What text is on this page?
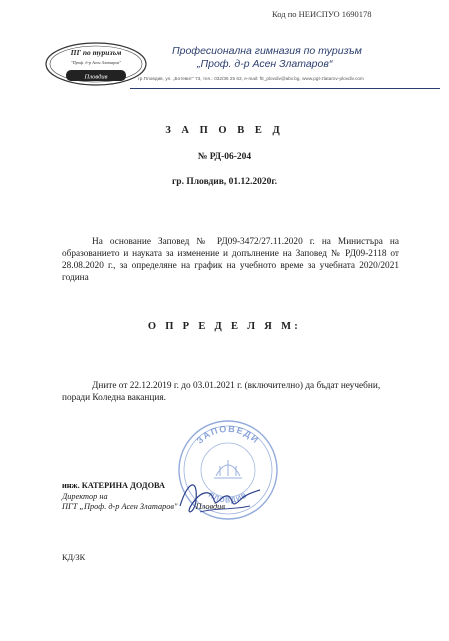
Код по НЕИСПУО 1690178
ПГ по туризъм
"Проф. д-р Асен Златаров"
Пловдив
Професионална гимназия по туризъм
„Проф. д-р Асен Златаров“
гр.Пловдив, ул. „Ботевит" 73, тел.: 032/36 25 63, e-mail: ftt_plovdiv@abv.bg, www.pgt-zlatarov-plovdiv.com
З А П О В Е Д
№ РД-06-204
гр. Пловдив, 01.12.2020г.
На основание Заповед № РД09-3472/27.11.2020 г. на Министъра на образованието и науката за изменение и допълнение на Заповед № РД09-2118 от 28.08.2020 г., за определяне на график на учебното време за учебната 2020/2021 година
О П Р Е Д Е Л Я М:
Дните от 22.12.2019 г. до 03.01.2021 г. (включително) да бъдат неучебни, поради Коледна ваканция.
ЗАПОВЕДИ
ПЛОВДИВ
инж. КАТЕРИНА ДОДОВА
Директор на
ПГТ „Проф. д-р Асен Златаров" Пловдив
КД/ЗК
